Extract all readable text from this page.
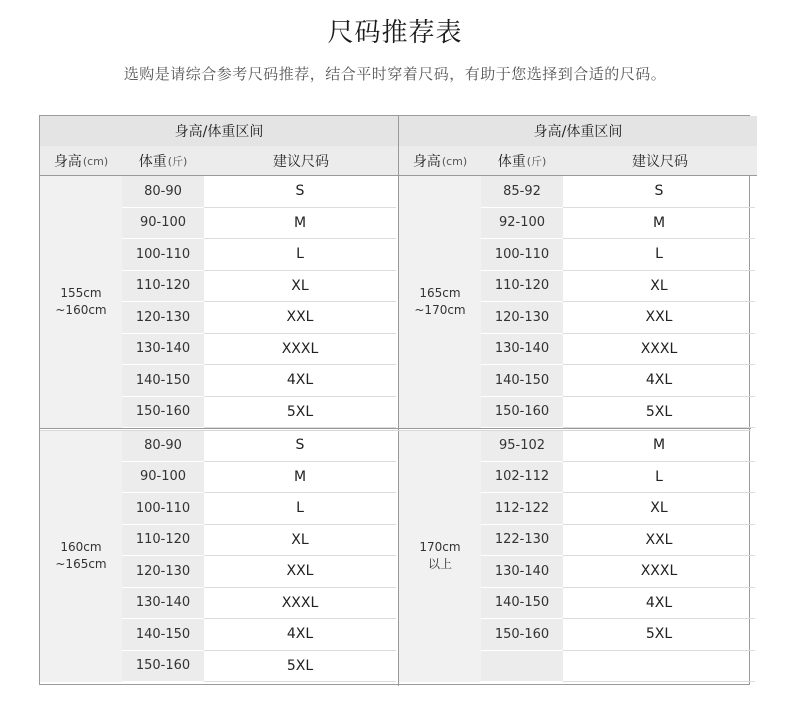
尺码推荐表
选购是请综合参考尺码推荐，结合平时穿着尺码，有助于您选择到合适的尺码。
身高/体重区间
身高 (cm) 体重 (斤)	建议尺码
155cm
~160cm
80-90	S
90-100	M
100-110	L
110-120	XL
120-130	XXL
130-140	XXXL
140-150	4XL
150-160	5XL
身高/体重区间
身高 (cm) 体重 (斤)	建议尺码
165cm
~170cm
85-92	S
92-100	M
100-110	L
110-120	XL
120-130	XXL
130-140	XXXL
140-150	4XL
150-160	5XL
160cm
~165cm
80-90	S
90-100	M
100-110	L
110-120	XL
120-130	XXL
130-140	XXXL
140-150	4XL
150-160	5XL
170cm
以上
95-102	M
102-112	L
112-122	XL
122-130	XXL
130-140	XXXL
140-150	4XL
150-160	5XL
